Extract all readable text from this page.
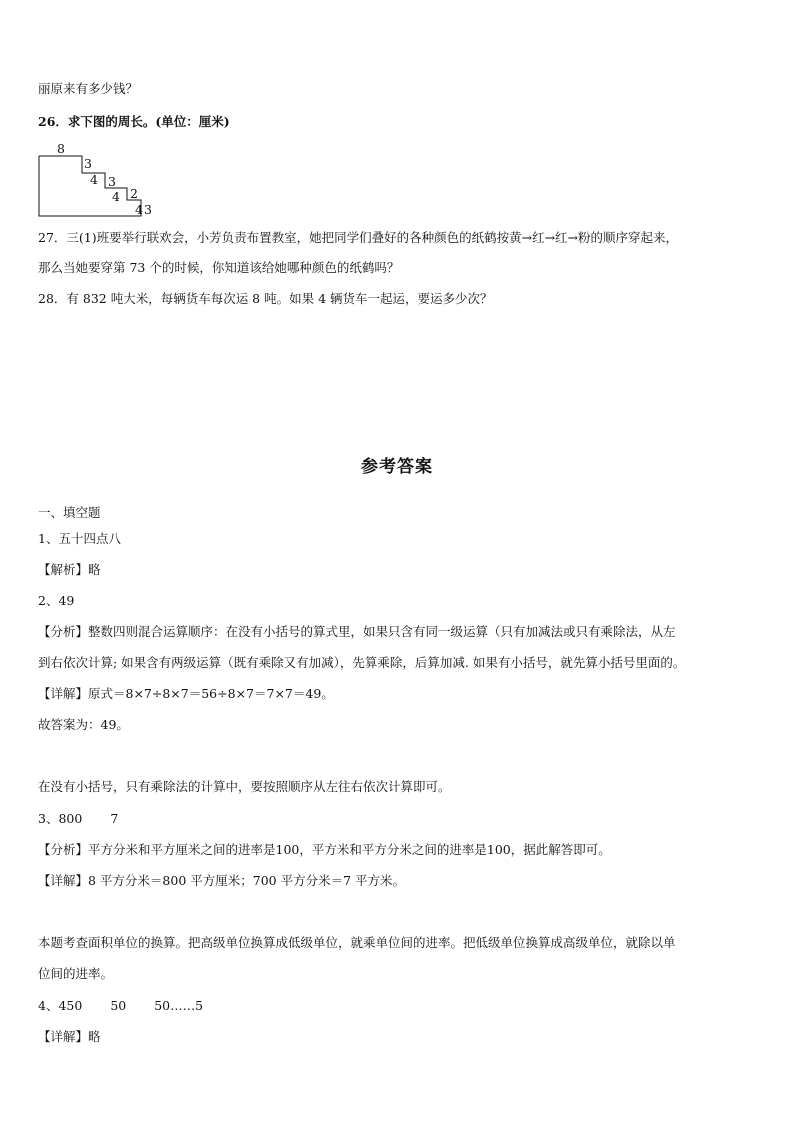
丽原来有多少钱？
26．求下图的周长。(单位：厘米)
8
3
4 3
4 2
4 3
27．三(1)班要举行联欢会，小芳负责布置教室，她把同学们叠好的各种颜色的纸鹤按黄→红→红→粉的顺序穿起来，
那么当她要穿第 73 个的时候，你知道该给她哪种颜色的纸鹤吗？
28．有 832 吨大米，每辆货车每次运 8 吨。如果 4 辆货车一起运，要运多少次？
参考答案
一、填空题
1、五十四点八
【解析】略
2、49
【分析】整数四则混合运算顺序：在没有小括号的算式里，如果只含有同一级运算（只有加减法或只有乘除法，从左
到右依次计算; 如果含有两级运算（既有乘除又有加减），先算乘除，后算加减. 如果有小括号，就先算小括号里面的。
【详解】原式＝8×7÷8×7＝56÷8×7＝7×7＝49。
故答案为：49。
在没有小括号，只有乘除法的计算中，要按照顺序从左往右依次计算即可。
3、800 7
【分析】平方分米和平方厘米之间的进率是100，平方米和平方分米之间的进率是100，据此解答即可。
【详解】8 平方分米＝800 平方厘米；700 平方分米＝7 平方米。
本题考查面积单位的换算。把高级单位换算成低级单位，就乘单位间的进率。把低级单位换算成高级单位，就除以单
位间的进率。
4、450 50 50……5
【详解】略
